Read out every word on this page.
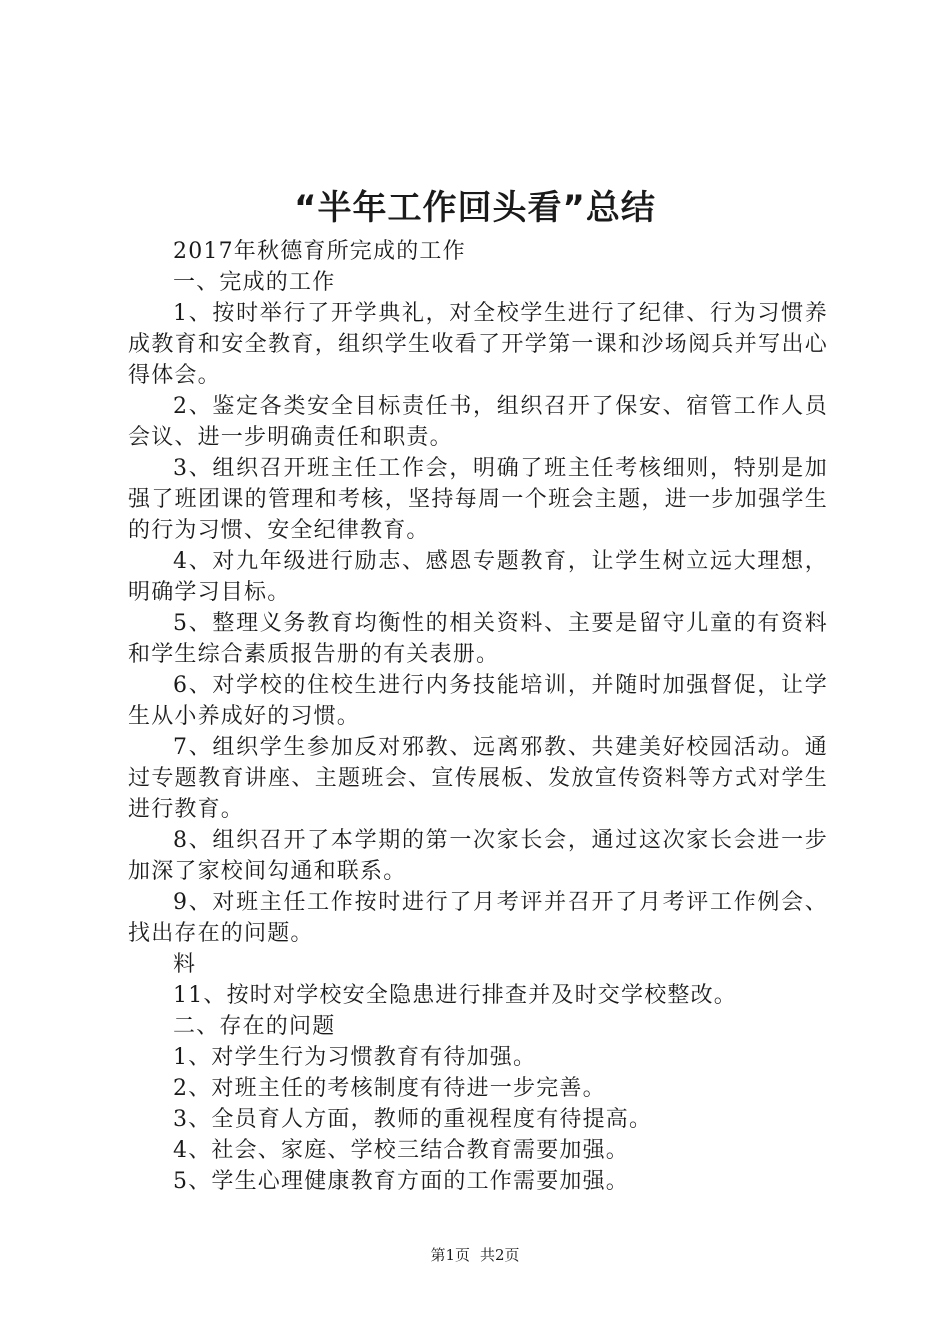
“半年工作回头看”总结

2017年秋德育所完成的工作

一、完成的工作

1、按时举行了开学典礼，对全校学生进行了纪律、行为习惯养成教育和安全教育，组织学生收看了开学第一课和沙场阅兵并写出心得体会。

2、鉴定各类安全目标责任书，组织召开了保安、宿管工作人员会议、进一步明确责任和职责。

3、组织召开班主任工作会，明确了班主任考核细则，特别是加强了班团课的管理和考核，坚持每周一个班会主题，进一步加强学生的行为习惯、安全纪律教育。

4、对九年级进行励志、感恩专题教育，让学生树立远大理想，明确学习目标。

5、整理义务教育均衡性的相关资料、主要是留守儿童的有资料和学生综合素质报告册的有关表册。

6、对学校的住校生进行内务技能培训，并随时加强督促，让学生从小养成好的习惯。

7、组织学生参加反对邪教、远离邪教、共建美好校园活动。通过专题教育讲座、主题班会、宣传展板、发放宣传资料等方式对学生进行教育。

8、组织召开了本学期的第一次家长会，通过这次家长会进一步加深了家校间勾通和联系。

9、对班主任工作按时进行了月考评并召开了月考评工作例会、找出存在的问题。

料

11、按时对学校安全隐患进行排查并及时交学校整改。

二、存在的问题

1、对学生行为习惯教育有待加强。

2、对班主任的考核制度有待进一步完善。

3、全员育人方面，教师的重视程度有待提高。

4、社会、家庭、学校三结合教育需要加强。

5、学生心理健康教育方面的工作需要加强。

第1页 共2页
